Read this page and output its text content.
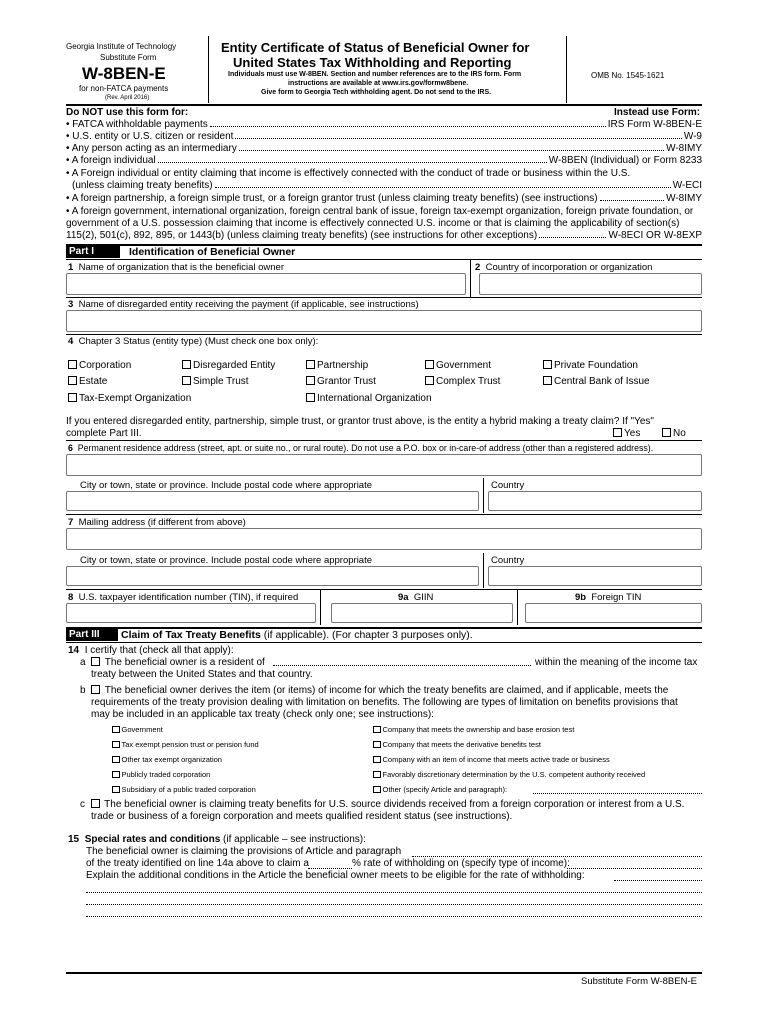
Georgia Institute of Technology
Substitute Form
W-8BEN-E
for non-FATCA payments
(Rev. April 2016)
Entity Certificate of Status of Beneficial Owner for
United States Tax Withholding and Reporting
Individuals must use W-8BEN. Section and number references are to the IRS form. Form
instructions are available at www.irs.gov/formw8bene.
Give form to Georgia Tech withholding agent. Do not send to the IRS.
OMB No. 1545-1621
Do NOT use this form for:	Instead use Form:
• FATCA withholdable payments	IRS Form W-8BEN-E
• U.S. entity or U.S. citizen or resident	W-9
• Any person acting as an intermediary	W-8IMY
• A foreign individual	W-8BEN (Individual) or Form 8233
• A Foreign individual or entity claiming that income is effectively connected with the conduct of trade or business within the U.S.
(unless claiming treaty benefits)	W-ECI
• A foreign partnership, a foreign simple trust, or a foreign grantor trust (unless claiming treaty benefits) (see instructions)	W-8IMY
• A foreign government, international organization, foreign central bank of issue, foreign tax-exempt organization, foreign private foundation, or
government of a U.S. possession claiming that income is effectively connected U.S. income or that is claiming the applicability of section(s)
115(2), 501(c), 892, 895, or 1443(b) (unless claiming treaty benefits) (see instructions for other exceptions)	W-8ECI OR W-8EXP
Part I	Identification of Beneficial Owner
1 Name of organization that is the beneficial owner	2 Country of incorporation or organization
3 Name of disregarded entity receiving the payment (if applicable, see instructions)
4 Chapter 3 Status (entity type) (Must check one box only):
Corporation	Disregarded Entity	Partnership	Government	Private Foundation
Estate	Simple Trust	Grantor Trust	Complex Trust	Central Bank of Issue
Tax-Exempt Organization	International Organization
If you entered disregarded entity, partnership, simple trust, or grantor trust above, is the entity a hybrid making a treaty claim? If "Yes"
complete Part III.	Yes	No
6 Permanent residence address (street, apt. or suite no., or rural route). Do not use a P.O. box or in-care-of address (other than a registered address).
City or town, state or province. Include postal code where appropriate	Country
7 Mailing address (if different from above)
City or town, state or province. Include postal code where appropriate	Country
8 U.S. taxpayer identification number (TIN), if required	9a GIIN	9b Foreign TIN
Part III	Claim of Tax Treaty Benefits (if applicable). (For chapter 3 purposes only).
14 I certify that (check all that apply):
a The beneficial owner is a resident of	within the meaning of the income tax
treaty between the United States and that country.
b The beneficial owner derives the item (or items) of income for which the treaty benefits are claimed, and if applicable, meets the
requirements of the treaty provision dealing with limitation on benefits. The following are types of limitation on benefits provisions that
may be included in an applicable tax treaty (check only one; see instructions):
Government
Tax exempt pension trust or pension fund
Other tax exempt organization
Publicly traded corporation
Subsidiary of a public traded corporation
Company that meets the ownership and base erosion test
Company that meets the derivative benefits test
Company with an item of income that meets active trade or business
Favorably discretionary determination by the U.S. competent authority received
Other (specify Article and paragraph):
c The beneficial owner is claiming treaty benefits for U.S. source dividends received from a foreign corporation or interest from a U.S.
trade or business of a foreign corporation and meets qualified resident status (see instructions).
15 Special rates and conditions (if applicable – see instructions):
The beneficial owner is claiming the provisions of Article and paragraph
of the treaty identified on line 14a above to claim a	% rate of withholding on (specify type of income):
Explain the additional conditions in the Article the beneficial owner meets to be eligible for the rate of withholding:
Substitute Form W-8BEN-E
